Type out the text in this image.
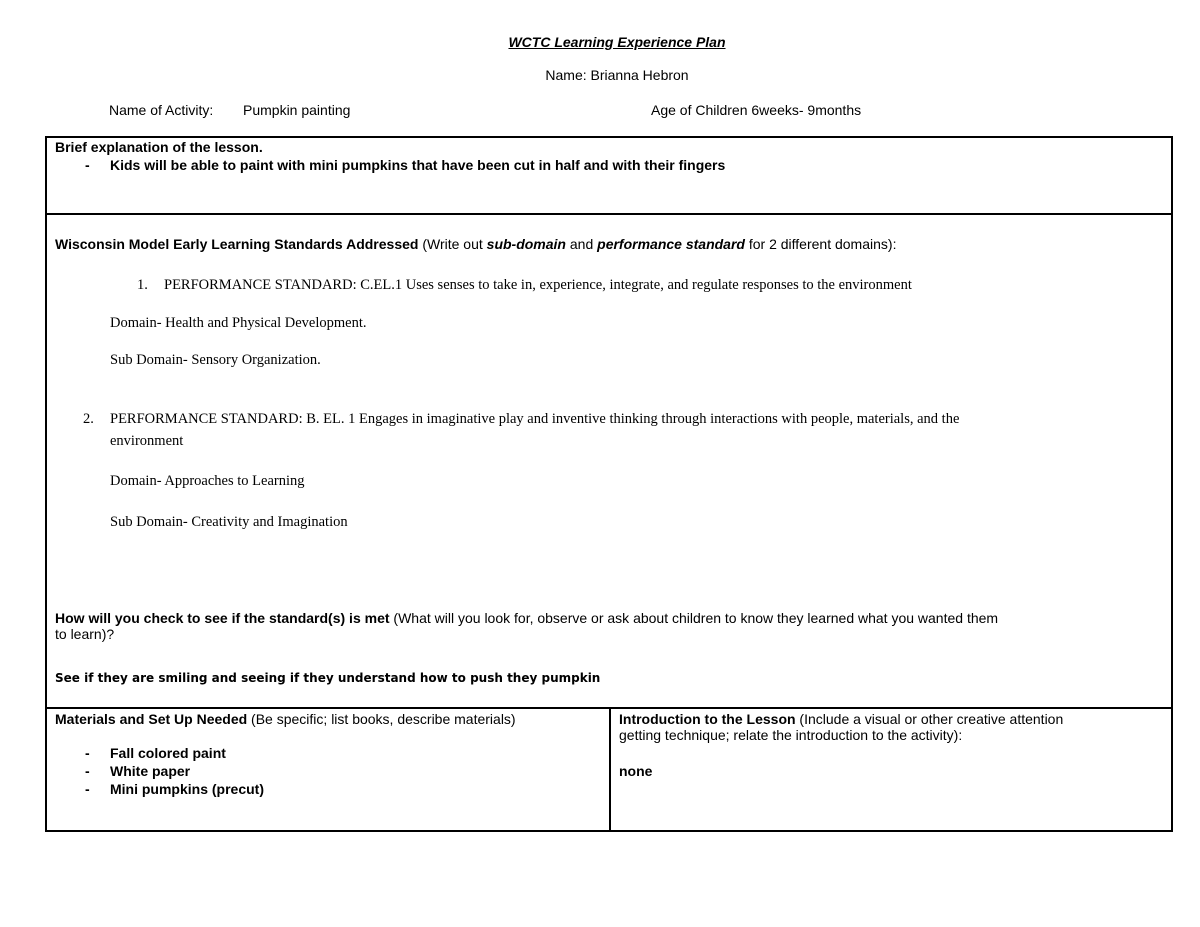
WCTC Learning Experience Plan
Name: Brianna Hebron
Name of Activity: Pumpkin painting	Age of Children 6weeks- 9months
Brief explanation of the lesson.
- Kids will be able to paint with mini pumpkins that have been cut in half and with their fingers
Wisconsin Model Early Learning Standards Addressed (Write out sub-domain and performance standard for 2 different domains):
1. PERFORMANCE STANDARD: C.EL.1 Uses senses to take in, experience, integrate, and regulate responses to the environment
Domain- Health and Physical Development.
Sub Domain- Sensory Organization.
2. PERFORMANCE STANDARD: B. EL. 1 Engages in imaginative play and inventive thinking through interactions with people, materials, and the
environment
Domain- Approaches to Learning
Sub Domain- Creativity and Imagination
How will you check to see if the standard(s) is met (What will you look for, observe or ask about children to know they learned what you wanted them
to learn)?
See if they are smiling and seeing if they understand how to push they pumpkin
Materials and Set Up Needed (Be specific; list books, describe materials)
- Fall colored paint
- White paper
- Mini pumpkins (precut)
Introduction to the Lesson (Include a visual or other creative attention
getting technique; relate the introduction to the activity):
none
